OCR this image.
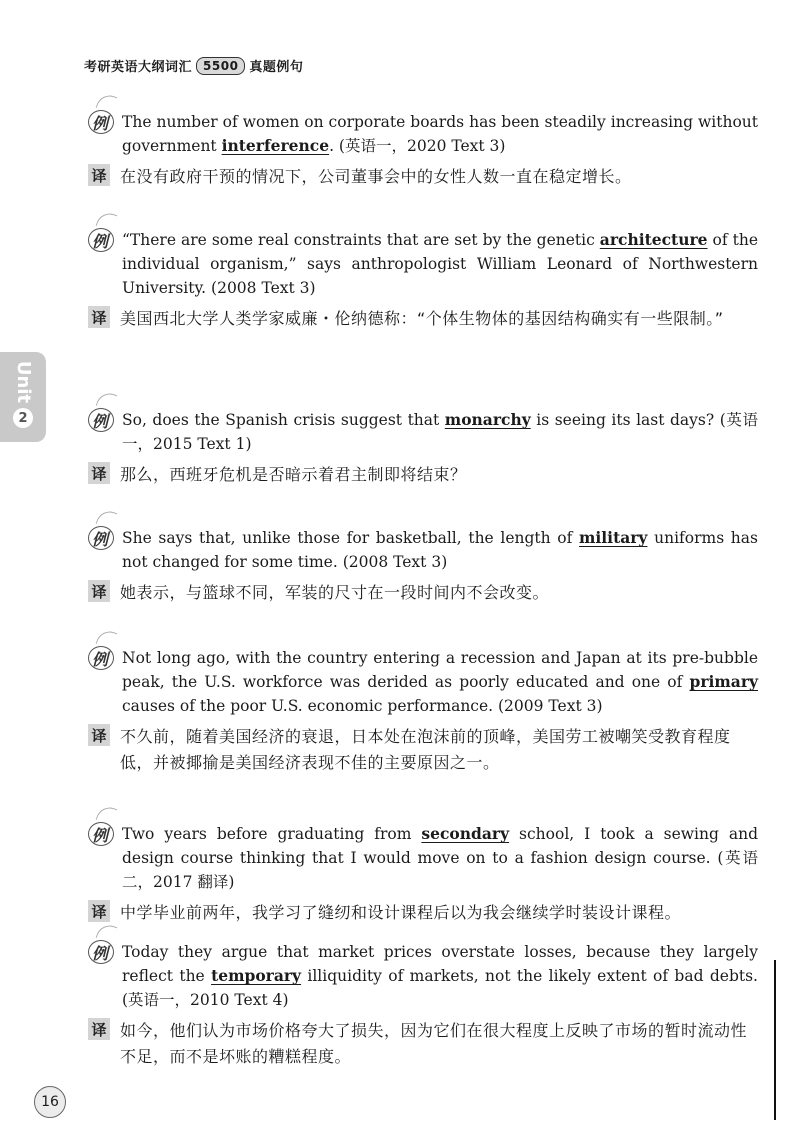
考研英语大纲词汇 5500 真题例句
Unit
2
例 The number of women on corporate boards has been steadily increasing without government interference. (英语一，2020 Text 3)
译 在没有政府干预的情况下，公司董事会中的女性人数一直在稳定增长。
例 “There are some real constraints that are set by the genetic architecture of the individual organism,” says anthropologist William Leonard of Northwestern University. (2008 Text 3)
译 美国西北大学人类学家威廉・伦纳德称：“个体生物体的基因结构确实有一些限制。”
例 So, does the Spanish crisis suggest that monarchy is seeing its last days? (英语一，2015 Text 1)
译 那么，西班牙危机是否暗示着君主制即将结束？
例 She says that, unlike those for basketball, the length of military uniforms has not changed for some time. (2008 Text 3)
译 她表示，与篮球不同，军装的尺寸在一段时间内不会改变。
例 Not long ago, with the country entering a recession and Japan at its pre-bubble peak, the U.S. workforce was derided as poorly educated and one of primary causes of the poor U.S. economic performance. (2009 Text 3)
译 不久前，随着美国经济的衰退，日本处在泡沫前的顶峰，美国劳工被嘲笑受教育程度低，并被揶揄是美国经济表现不佳的主要原因之一。
例 Two years before graduating from secondary school, I took a sewing and design course thinking that I would move on to a fashion design course. (英语二，2017 翻译)
译 中学毕业前两年，我学习了缝纫和设计课程后以为我会继续学时装设计课程。
例 Today they argue that market prices overstate losses, because they largely reflect the temporary illiquidity of markets, not the likely extent of bad debts. (英语一，2010 Text 4)
译 如今，他们认为市场价格夸大了损失，因为它们在很大程度上反映了市场的暂时流动性不足，而不是坏账的糟糕程度。
16
